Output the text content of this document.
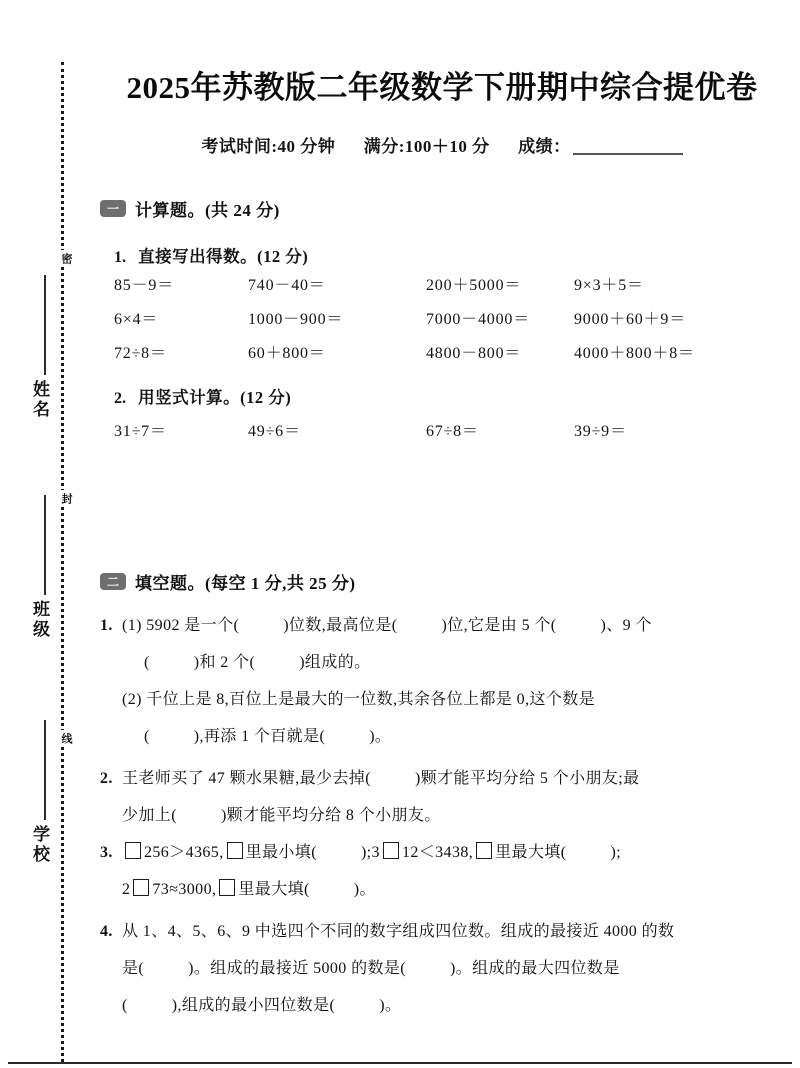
密
封
线
姓名
班级
学校
2025年苏教版二年级数学下册期中综合提优卷
考试时间:40 分钟 满分:100＋10 分 成绩：
一 计算题。(共 24 分)
1. 直接写出得数。(12 分)
85－9＝	740－40＝	200＋5000＝	9×3＋5＝
6×4＝	1000－900＝	7000－4000＝	9000＋60＋9＝
72÷8＝	60＋800＝	4800－800＝	4000＋800＋8＝
2. 用竖式计算。(12 分)
31÷7＝	49÷6＝	67÷8＝	39÷9＝
二 填空题。(每空 1 分,共 25 分)
1. (1) 5902 是一个(	)位数,最高位是(	)位,它是由 5 个(	)、9 个
(	)和 2 个(	)组成的。
(2) 千位上是 8,百位上是最大的一位数,其余各位上都是 0,这个数是
(	),再添 1 个百就是(	)。
2. 王老师买了 47 颗水果糖,最少去掉(	)颗才能平均分给 5 个小朋友;最
少加上(	)颗才能平均分给 8 个小朋友。
3. 256＞4365, 里最小填(	);3 12＜3438, 里最大填(	);
2 73≈3000, 里最大填(	)。
4. 从 1、4、5、6、9 中选四个不同的数字组成四位数。组成的最接近 4000 的数
是(	)。组成的最接近 5000 的数是(	)。组成的最大四位数是
(	),组成的最小四位数是(	)。
